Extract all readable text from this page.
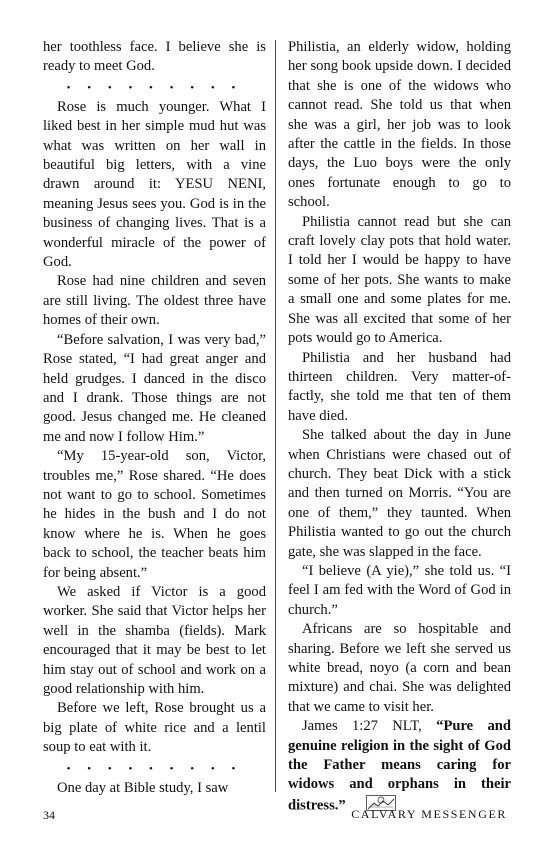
her toothless face. I believe she is ready to meet God.

• • • • • • • • •

Rose is much younger. What I liked best in her simple mud hut was what was written on her wall in beautiful big letters, with a vine drawn around it: YESU NENI, meaning Jesus sees you. God is in the business of changing lives. That is a wonderful miracle of the power of God.

Rose had nine children and seven are still living. The oldest three have homes of their own.

“Before salvation, I was very bad,” Rose stated, “I had great anger and held grudges. I danced in the disco and I drank. Those things are not good. Jesus changed me. He cleaned me and now I follow Him.”

“My 15-year-old son, Victor, troubles me,” Rose shared. “He does not want to go to school. Sometimes he hides in the bush and I do not know where he is. When he goes back to school, the teacher beats him for being absent.”

We asked if Victor is a good worker. She said that Victor helps her well in the shamba (fields). Mark encouraged that it may be best to let him stay out of school and work on a good relationship with him.

Before we left, Rose brought us a big plate of white rice and a lentil soup to eat with it.

• • • • • • • • •

One day at Bible study, I saw

Philistia, an elderly widow, holding her song book upside down. I decided that she is one of the widows who cannot read. She told us that when she was a girl, her job was to look after the cattle in the fields. In those days, the Luo boys were the only ones fortunate enough to go to school.

Philistia cannot read but she can craft lovely clay pots that hold water. I told her I would be happy to have some of her pots. She wants to make a small one and some plates for me. She was all excited that some of her pots would go to America.

Philistia and her husband had thirteen children. Very matter-of-factly, she told me that ten of them have died.

She talked about the day in June when Christians were chased out of church. They beat Dick with a stick and then turned on Morris. “You are one of them,” they taunted. When Philistia wanted to go out the church gate, she was slapped in the face.

“I believe (A yie),” she told us. “I feel I am fed with the Word of God in church.”

Africans are so hospitable and sharing. Before we left she served us white bread, noyo (a corn and bean mixture) and chai. She was delighted that we came to visit her.

James 1:27 NLT, “Pure and genuine religion in the sight of God the Father means caring for widows and orphans in their distress.”

34	CALVARY MESSENGER
